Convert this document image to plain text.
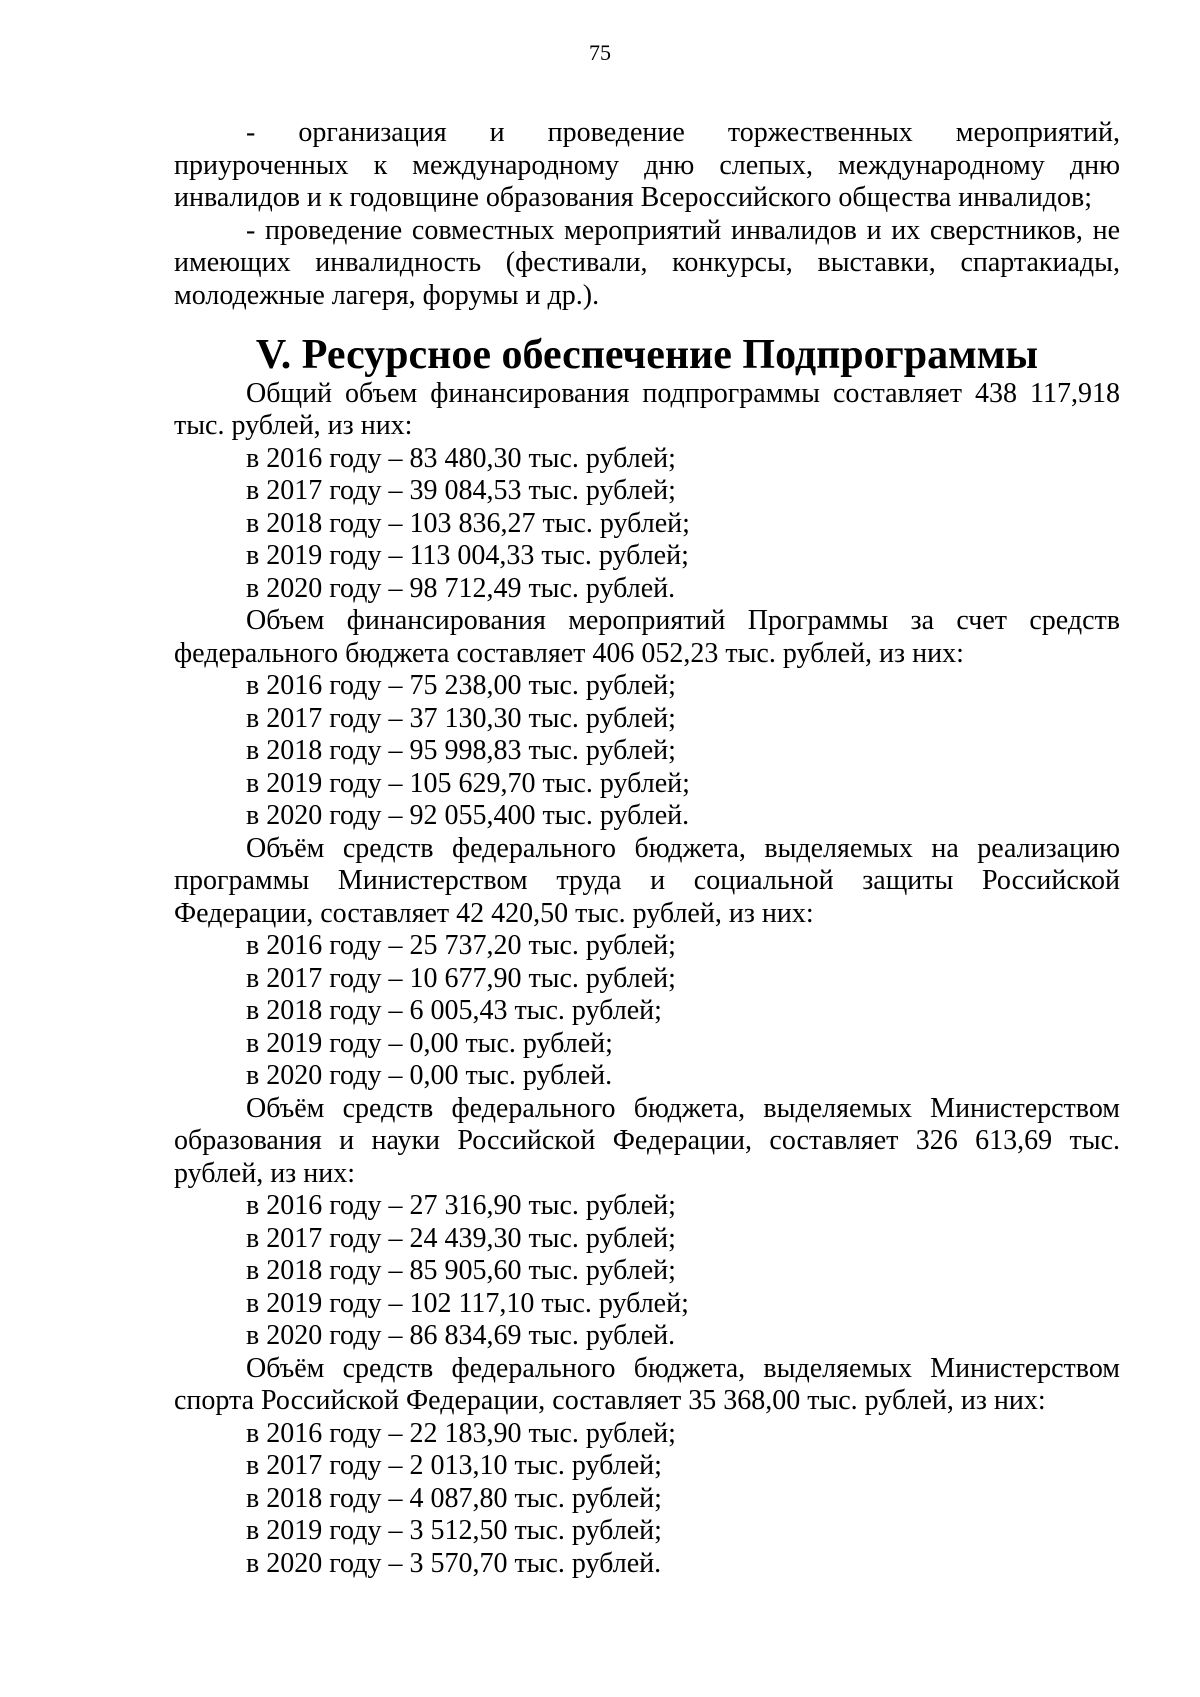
75

- организация и проведение торжественных мероприятий, приуроченных к международному дню слепых, международному дню инвалидов и к годовщине образования Всероссийского общества инвалидов;

- проведение совместных мероприятий инвалидов и их сверстников, не имеющих инвалидность (фестивали, конкурсы, выставки, спартакиады, молодежные лагеря, форумы и др.).

V. Ресурсное обеспечение Подпрограммы

Общий объем финансирования подпрограммы составляет 438 117,918 тыс. рублей, из них:

в 2016 году – 83 480,30 тыс. рублей;

в 2017 году – 39 084,53 тыс. рублей;

в 2018 году – 103 836,27 тыс. рублей;

в 2019 году – 113 004,33 тыс. рублей;

в 2020 году – 98 712,49 тыс. рублей.

Объем финансирования мероприятий Программы за счет средств федерального бюджета составляет 406 052,23 тыс. рублей, из них:

в 2016 году – 75 238,00 тыс. рублей;

в 2017 году – 37 130,30 тыс. рублей;

в 2018 году – 95 998,83 тыс. рублей;

в 2019 году – 105 629,70 тыс. рублей;

в 2020 году – 92 055,400 тыс. рублей.

Объём средств федерального бюджета, выделяемых на реализацию программы Министерством труда и социальной защиты Российской Федерации, составляет 42 420,50 тыс. рублей, из них:

в 2016 году – 25 737,20 тыс. рублей;

в 2017 году – 10 677,90 тыс. рублей;

в 2018 году – 6 005,43 тыс. рублей;

в 2019 году – 0,00 тыс. рублей;

в 2020 году – 0,00 тыс. рублей.

Объём средств федерального бюджета, выделяемых Министерством образования и науки Российской Федерации, составляет 326 613,69 тыс. рублей, из них:

в 2016 году – 27 316,90 тыс. рублей;

в 2017 году – 24 439,30 тыс. рублей;

в 2018 году – 85 905,60 тыс. рублей;

в 2019 году – 102 117,10 тыс. рублей;

в 2020 году – 86 834,69 тыс. рублей.

Объём средств федерального бюджета, выделяемых Министерством спорта Российской Федерации, составляет 35 368,00 тыс. рублей, из них:

в 2016 году – 22 183,90 тыс. рублей;

в 2017 году – 2 013,10 тыс. рублей;

в 2018 году – 4 087,80 тыс. рублей;

в 2019 году – 3 512,50 тыс. рублей;

в 2020 году – 3 570,70 тыс. рублей.
